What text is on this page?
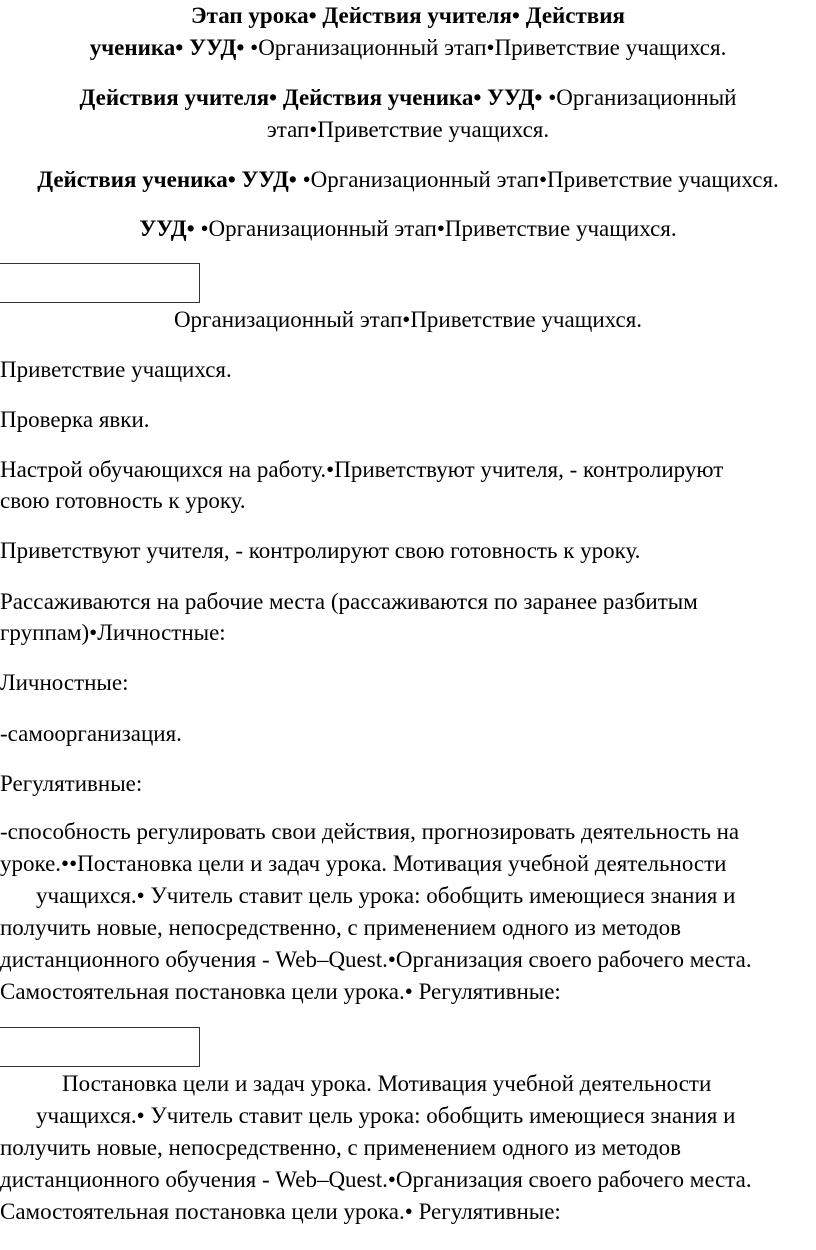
Этап урока• Действия учителя• Действия
ученика• УУД• •Организационный этап•Приветствие учащихся.
Действия учителя• Действия ученика• УУД• •Организационный
этап•Приветствие учащихся.
Действия ученика• УУД• •Организационный этап•Приветствие учащихся.
УУД• •Организационный этап•Приветствие учащихся.
Организационный этап•Приветствие учащихся.
Приветствие учащихся.
Проверка явки.
Настрой обучающихся на работу.•Приветствуют учителя, - контролируют
свою готовность к уроку.
Приветствуют учителя, - контролируют свою готовность к уроку.
Рассаживаются на рабочие места (рассаживаются по заранее разбитым
группам)•Личностные:
Личностные:
-самоорганизация.
Регулятивные:
-способность регулировать свои действия, прогнозировать деятельность на
уроке.••Постановка цели и задач урока. Мотивация учебной деятельности
учащихся.• Учитель ставит цель урока: обобщить имеющиеся знания и
получить новые, непосредственно, с применением одного из методов
дистанционного обучения - Web–Quest.•Организация своего рабочего места.
Самостоятельная постановка цели урока.• Регулятивные:
Постановка цели и задач урока. Мотивация учебной деятельности
учащихся.• Учитель ставит цель урока: обобщить имеющиеся знания и
получить новые, непосредственно, с применением одного из методов
дистанционного обучения - Web–Quest.•Организация своего рабочего места.
Самостоятельная постановка цели урока.• Регулятивные:
